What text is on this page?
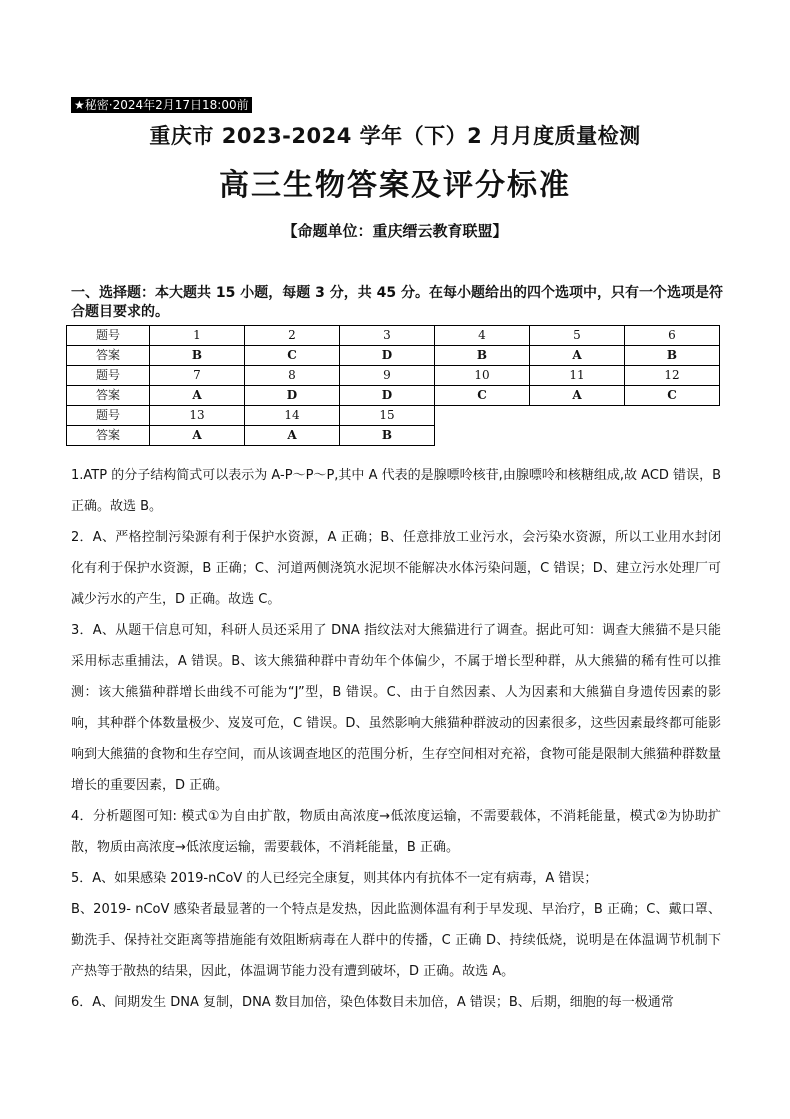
★秘密·2024年2月17日18:00前
重庆市 2023-2024 学年（下）2 月月度质量检测
高三生物答案及评分标准
【命题单位：重庆缙云教育联盟】
一、选择题：本大题共 15 小题，每题 3 分，共 45 分。在每小题给出的四个选项中，只有一个选项是符合题目要求的。
题号	1	2	3	4	5	6
答案	B	C	D	B	A	B
题号	7	8	9	10	11	12
答案	A	D	D	C	A	C
题号	13	14	15			
答案	A	A	B			

1.ATP 的分子结构简式可以表示为 A-P～P～P,其中 A 代表的是腺嘌呤核苷,由腺嘌呤和核糖组成,故 ACD 错误，B 正确。故选 B。

2．A、严格控制污染源有利于保护水资源，A 正确；B、任意排放工业污水，会污染水资源，所以工业用水封闭化有利于保护水资源，B 正确；C、河道两侧浇筑水泥坝不能解决水体污染问题，C 错误；D、建立污水处理厂可减少污水的产生，D 正确。故选 C。

3．A、从题干信息可知，科研人员还采用了 DNA 指纹法对大熊猫进行了调查。据此可知：调查大熊猫不是只能采用标志重捕法，A 错误。B、该大熊猫种群中青幼年个体偏少，不属于增长型种群，从大熊猫的稀有性可以推测：该大熊猫种群增长曲线不可能为“J”型，B 错误。C、由于自然因素、人为因素和大熊猫自身遗传因素的影响，其种群个体数量极少、岌岌可危，C 错误。D、虽然影响大熊猫种群波动的因素很多，这些因素最终都可能影响到大熊猫的食物和生存空间，而从该调查地区的范围分析，生存空间相对充裕，食物可能是限制大熊猫种群数量增长的重要因素，D 正确。

4．分析题图可知: 模式①为自由扩散，物质由高浓度→低浓度运输，不需要载体，不消耗能量，模式②为协助扩散，物质由高浓度→低浓度运输，需要载体，不消耗能量，B 正确。

5．A、如果感染 2019-nCoV 的人已经完全康复，则其体内有抗体不一定有病毒，A 错误；

B、2019- nCoV 感染者最显著的一个特点是发热，因此监测体温有利于早发现、早治疗，B 正确；C、戴口罩、勤洗手、保持社交距离等措施能有效阻断病毒在人群中的传播，C 正确 D、持续低烧，说明是在体温调节机制下产热等于散热的结果，因此，体温调节能力没有遭到破坏，D 正确。故选 A。

6．A、间期发生 DNA 复制，DNA 数目加倍，染色体数目未加倍，A 错误；B、后期，细胞的每一极通常
